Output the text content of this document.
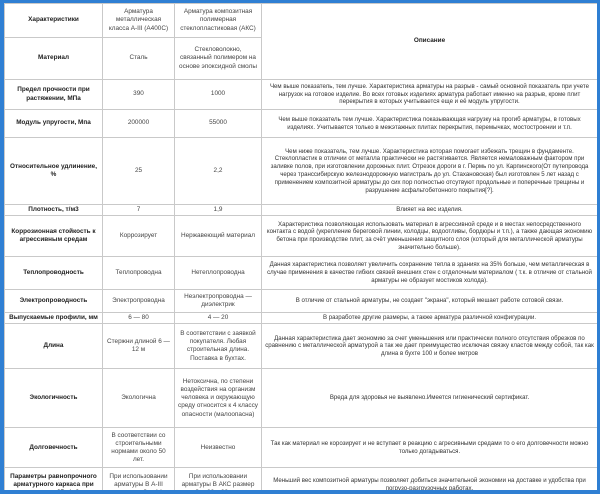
Характеристики	Арматура металлическая класса А-III (А400С)	Арматура композитная полимерная стеклопластиковая (АКС)	Описание
Материал	Сталь	Стекловолокно, связанный полимером на основе эпоксидной смолы	
Предел прочности при растяжении, МПа	390	1000	Чем выше показатель, тем лучше. Характеристика арматуры на разрыв - самый основной показатель при учете нагрузок на готовое изделие. Во всех готовых изделиях арматура работает именно на разрыв, кроме плит перекрытия в которых учитывается еще и её модуль упругости.
Модуль упругости, Мпа	200000	55000	Чем выше показатель тем лучше. Характеристика показывающая нагрузку на прогиб арматуры, в готовых изделиях. Учитывается только в межэтажных плитах перекрытия, перемычках, мостостроении и т.п.
Относительное удлинение, %	25	2,2	Чем ниже показатель, тем лучше. Характеристика которая помогает избежать трещин в фундаменте. Стеклопластик в отличии от металла практически не растягивается. Является немаловажным фактором при заливке полов, при изготовлении дорожных плит. Отрезок дороги в г. Пермь по ул. Карпинского(От путепровода через транссибирскую железнодорожную магистраль до ул. Стахановская) был изготовлен 5 лет назад с применением композитной арматуры до сих пор полностью отсутвуют продольные и поперечные трещины и разрушение асфальтобетонного покрытия[?].
Плотность, т/м3	7	1,9	Влияет на вес изделия.
Коррозионная стойкость к агрессивным средам	Коррозирует	Нержавеющий материал	Характеристика позволяющая использовать материал в агрессивной среде и в местах непосредственного контакта с водой (укрепление береговой линии, колодцы, водоотливы, бордюры и т.п.), а также дающая экономию бетона при производстве плит, за счёт уменьшения защитного слоя (который для металлической арматуры значительно больше).
Теплопроводность	Теплопроводна	Нетеплопроводна	Данная характеристика позволяет увеличить сохранение тепла в зданиях на 35% больше, чем металлическая в случае применения в качестве гибких связей внешних стен с отделочным материалом ( т.к. в отличие от стальной арматуры не образует мостиков холода).
Электропроводность	Электропроводна	Неэлектропроводна — диэлектрик	В отличие от стальной арматуры, не создает "экрана", который мешает работе сотовой связи.
Выпускаемые профили, мм	6 — 80	4 — 20	В разработке другие размеры, а также арматура различной конфигурации.
Длина	Стержни длиной 6 — 12 м	В соответствии с заявкой покупателя. Любая строительная длина. Поставка в бухтах.	Данная характеристика дает экономию за счет уменьшения или практически полного отсутствия обрезков по сравнению с металлической арматурой а так же дает преимущество исключая связку кластов между собой, так как длина в бухте 100 и более метров
Экологичность	Экологична	Нетоксична, по степени воздействия на организм человека и окружающую среду относится к 4 классу опасности (малоопасна)	Вреда для здоровья не выявлено.Имеется гигиенический сертификат.
Долговечность	В соответствии со строительными нормами около 50 лет.	Неизвестно	Так как материал не корозирует и не вступает в реакцию с агресивными средами то о его долговечности можно только догадываться.
Параметры равнопрочного арматурного каркаса при нагрузке 25 т/м2	При использовании арматуры В А-III размер ячейки 14 х	При использовании арматуры В АКС размер ячейки 23 х 23 см. вес	Меньший вес композитной арматуры позволяет добиться значительной экономии на доставке и удобства при погрузо-разгрузочных работах.
